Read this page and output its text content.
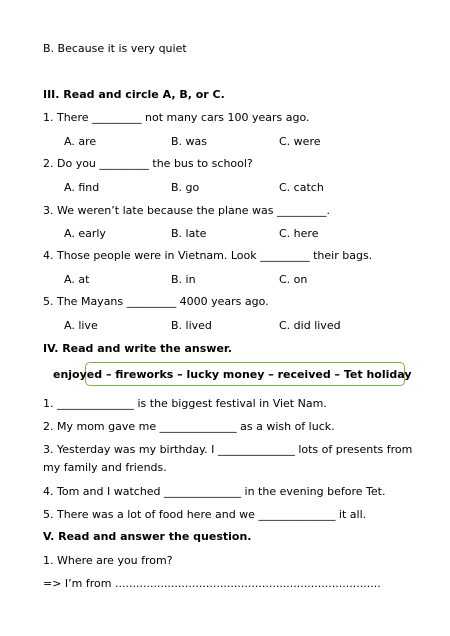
B. Because it is very quiet
III. Read and circle A, B, or C.
1. There _________ not many cars 100 years ago.
A. are	B. was	C. were
2. Do you _________ the bus to school?
A. find	B. go	C. catch
3. We weren’t late because the plane was _________.
A. early	B. late	C. here
4. Those people were in Vietnam. Look _________ their bags.
A. at	B. in	C. on
5. The Mayans _________ 4000 years ago.
A. live	B. lived	C. did lived
IV. Read and write the answer.
enjoyed – fireworks – lucky money – received – Tet holiday
1. ______________ is the biggest festival in Viet Nam.
2. My mom gave me ______________ as a wish of luck.
3. Yesterday was my birthday. I ______________ lots of presents from
my family and friends.
4. Tom and I watched ______________ in the evening before Tet.
5. There was a lot of food here and we ______________ it all.
V. Read and answer the question.
1. Where are you from?
=> I’m from ............................................................................
